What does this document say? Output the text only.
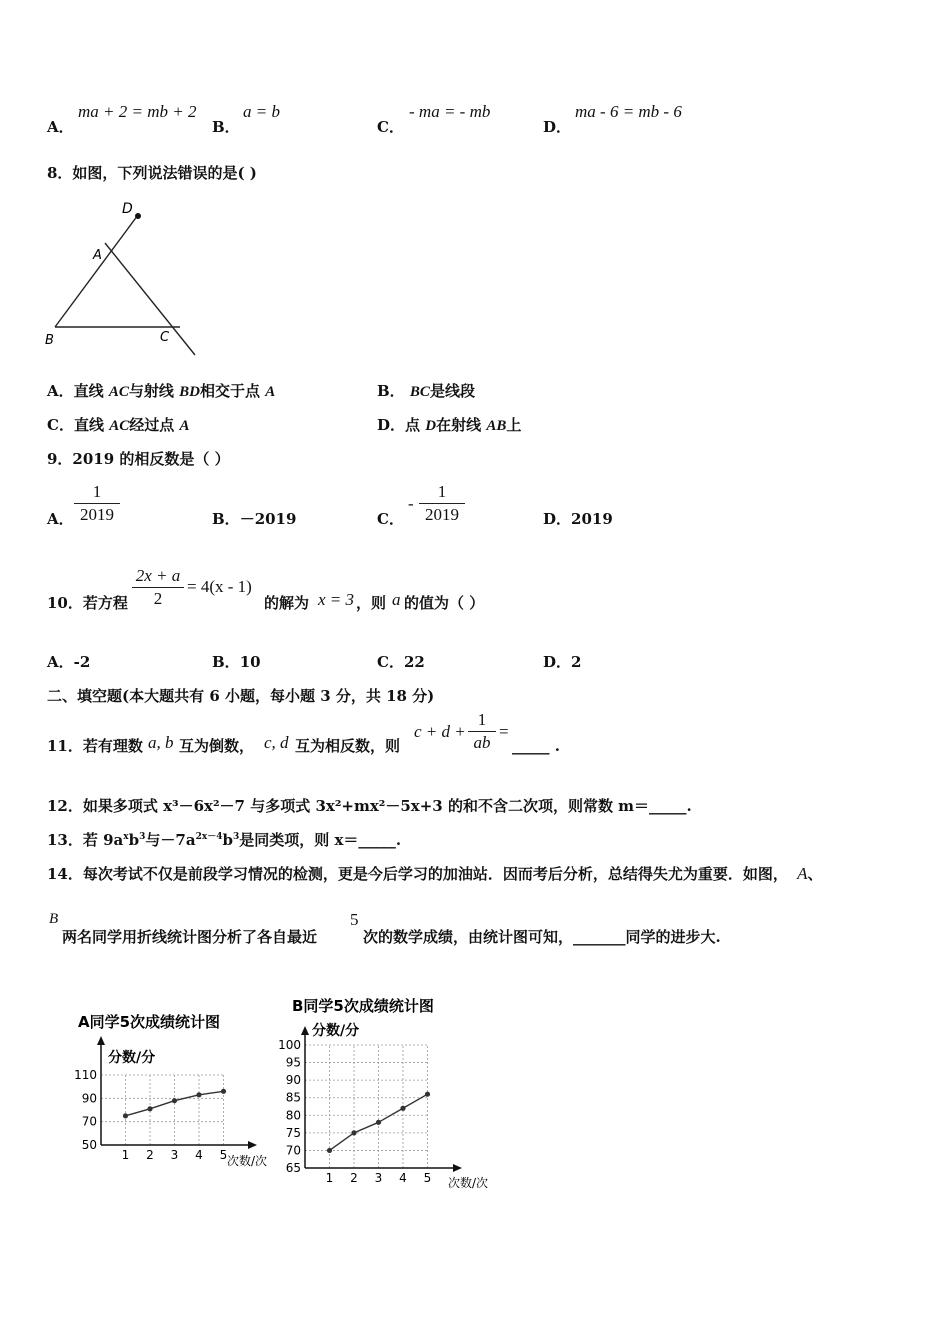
A．
ma + 2 = mb + 2
B．
a = b
C．
- ma = - mb
D．
ma - 6 = mb - 6
8．如图，下列说法错误的是( )
D
A
B	C
A．直线 AC与射线 BD相交于点 A	B． BC是线段
C．直线 AC经过点 A	D．点 D在射线 AB上
9．2019 的相反数是（ ）
A．
1
2019	B．－2019	C．
-
1
2019	D．2019
10．若方程
2x + a
2
= 4(x - 1)
的解为 x = 3 ，则 a 的值为（ ）
A．-2	B．10	C．22	D．2
二、填空题(本大题共有 6 小题，每小题 3 分，共 18 分)
11．若有理数 a, b 互为倒数， c, d 互为相反数，则
c + d +
1
ab
=
_____ .
12．如果多项式 x³－6x²－7 与多项式 3x²+mx²－5x+3 的和不含二次项，则常数 m＝_____.
13．若 $9a^xb^3$与$-7a^{2x-4}b^3$是同类项，则 x＝_____.
14．每次考试不仅是前段学习情况的检测，更是今后学习的加油站．因而考后分析，总结得失尤为重要．如图， A、
B
两名同学用折线统计图分析了各自最近
5
次的数学成绩，由统计图可知，_______同学的进步大.
A同学5次成绩统计图
分数/分
次数/次
50
70
90
110
1 2 3 4 5
B同学5次成绩统计图
分数/分
次数/次
65
70
75
80
85
90
95
100
1 2 3 4 5
